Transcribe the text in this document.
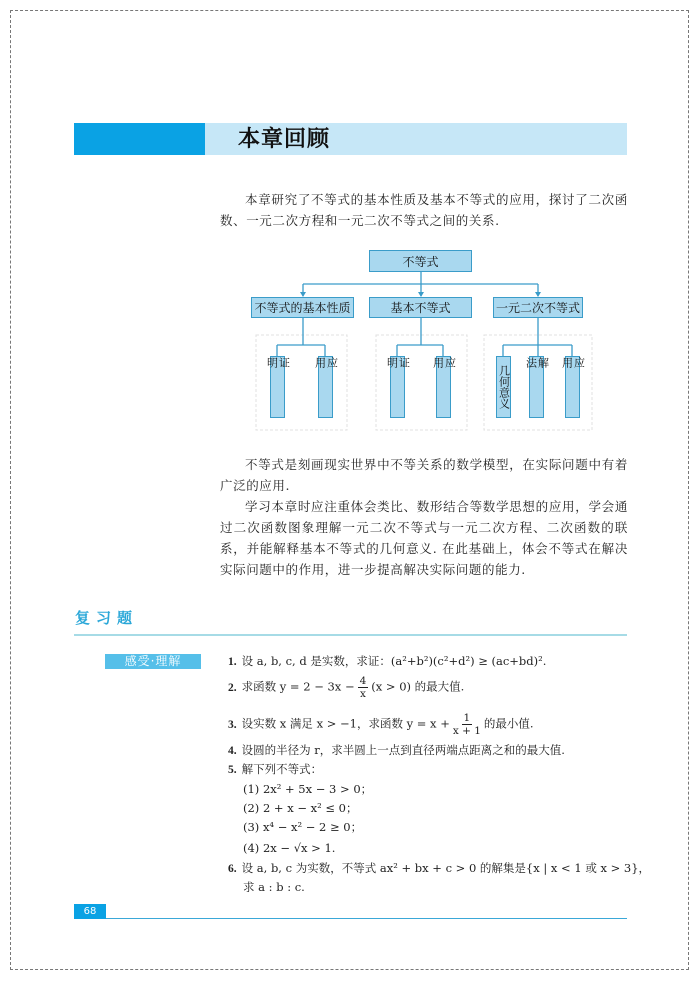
本章回顾

本章研究了不等式的基本性质及基本不等式的应用，探讨了二次函数、一元二次方程和一元二次不等式之间的关系.

不等式
不等式的基本性质	基本不等式	一元二次不等式
证明	应用	证明	应用	几何意义	解法	应用

不等式是刻画现实世界中不等关系的数学模型，在实际问题中有着广泛的应用.

学习本章时应注重体会类比、数形结合等数学思想的应用，学会通过二次函数图象理解一元二次不等式与一元二次方程、二次函数的联系，并能解释基本不等式的几何意义. 在此基础上，体会不等式在解决实际问题中的作用，进一步提高解决实际问题的能力.

复习题
感受·理解	1. 设 a, b, c, d 是实数，求证：(a²+b²)(c²+d²) ≥ (ac+bd)².
2. 求函数 $y = 2 - 3x - \frac{4}{x} (x > 0)$ 的最大值.
3. 设实数 x 满足 x > −1，求函数 $y = x + \frac{1}{x + 1}$ 的最小值.
4. 设圆的半径为 r，求半圆上一点到直径两端点距离之和的最大值.
5. 解下列不等式：
(1) 2x² + 5x − 3 > 0；
(2) 2 + x − x² ≤ 0；
(3) x⁴ − x² − 2 ≥ 0；
(4) 2x − √x > 1.
6. 设 a, b, c 为实数，不等式 ax² + bx + c > 0 的解集是{x | x < 1 或 x > 3}，
求 a : b : c.
68
